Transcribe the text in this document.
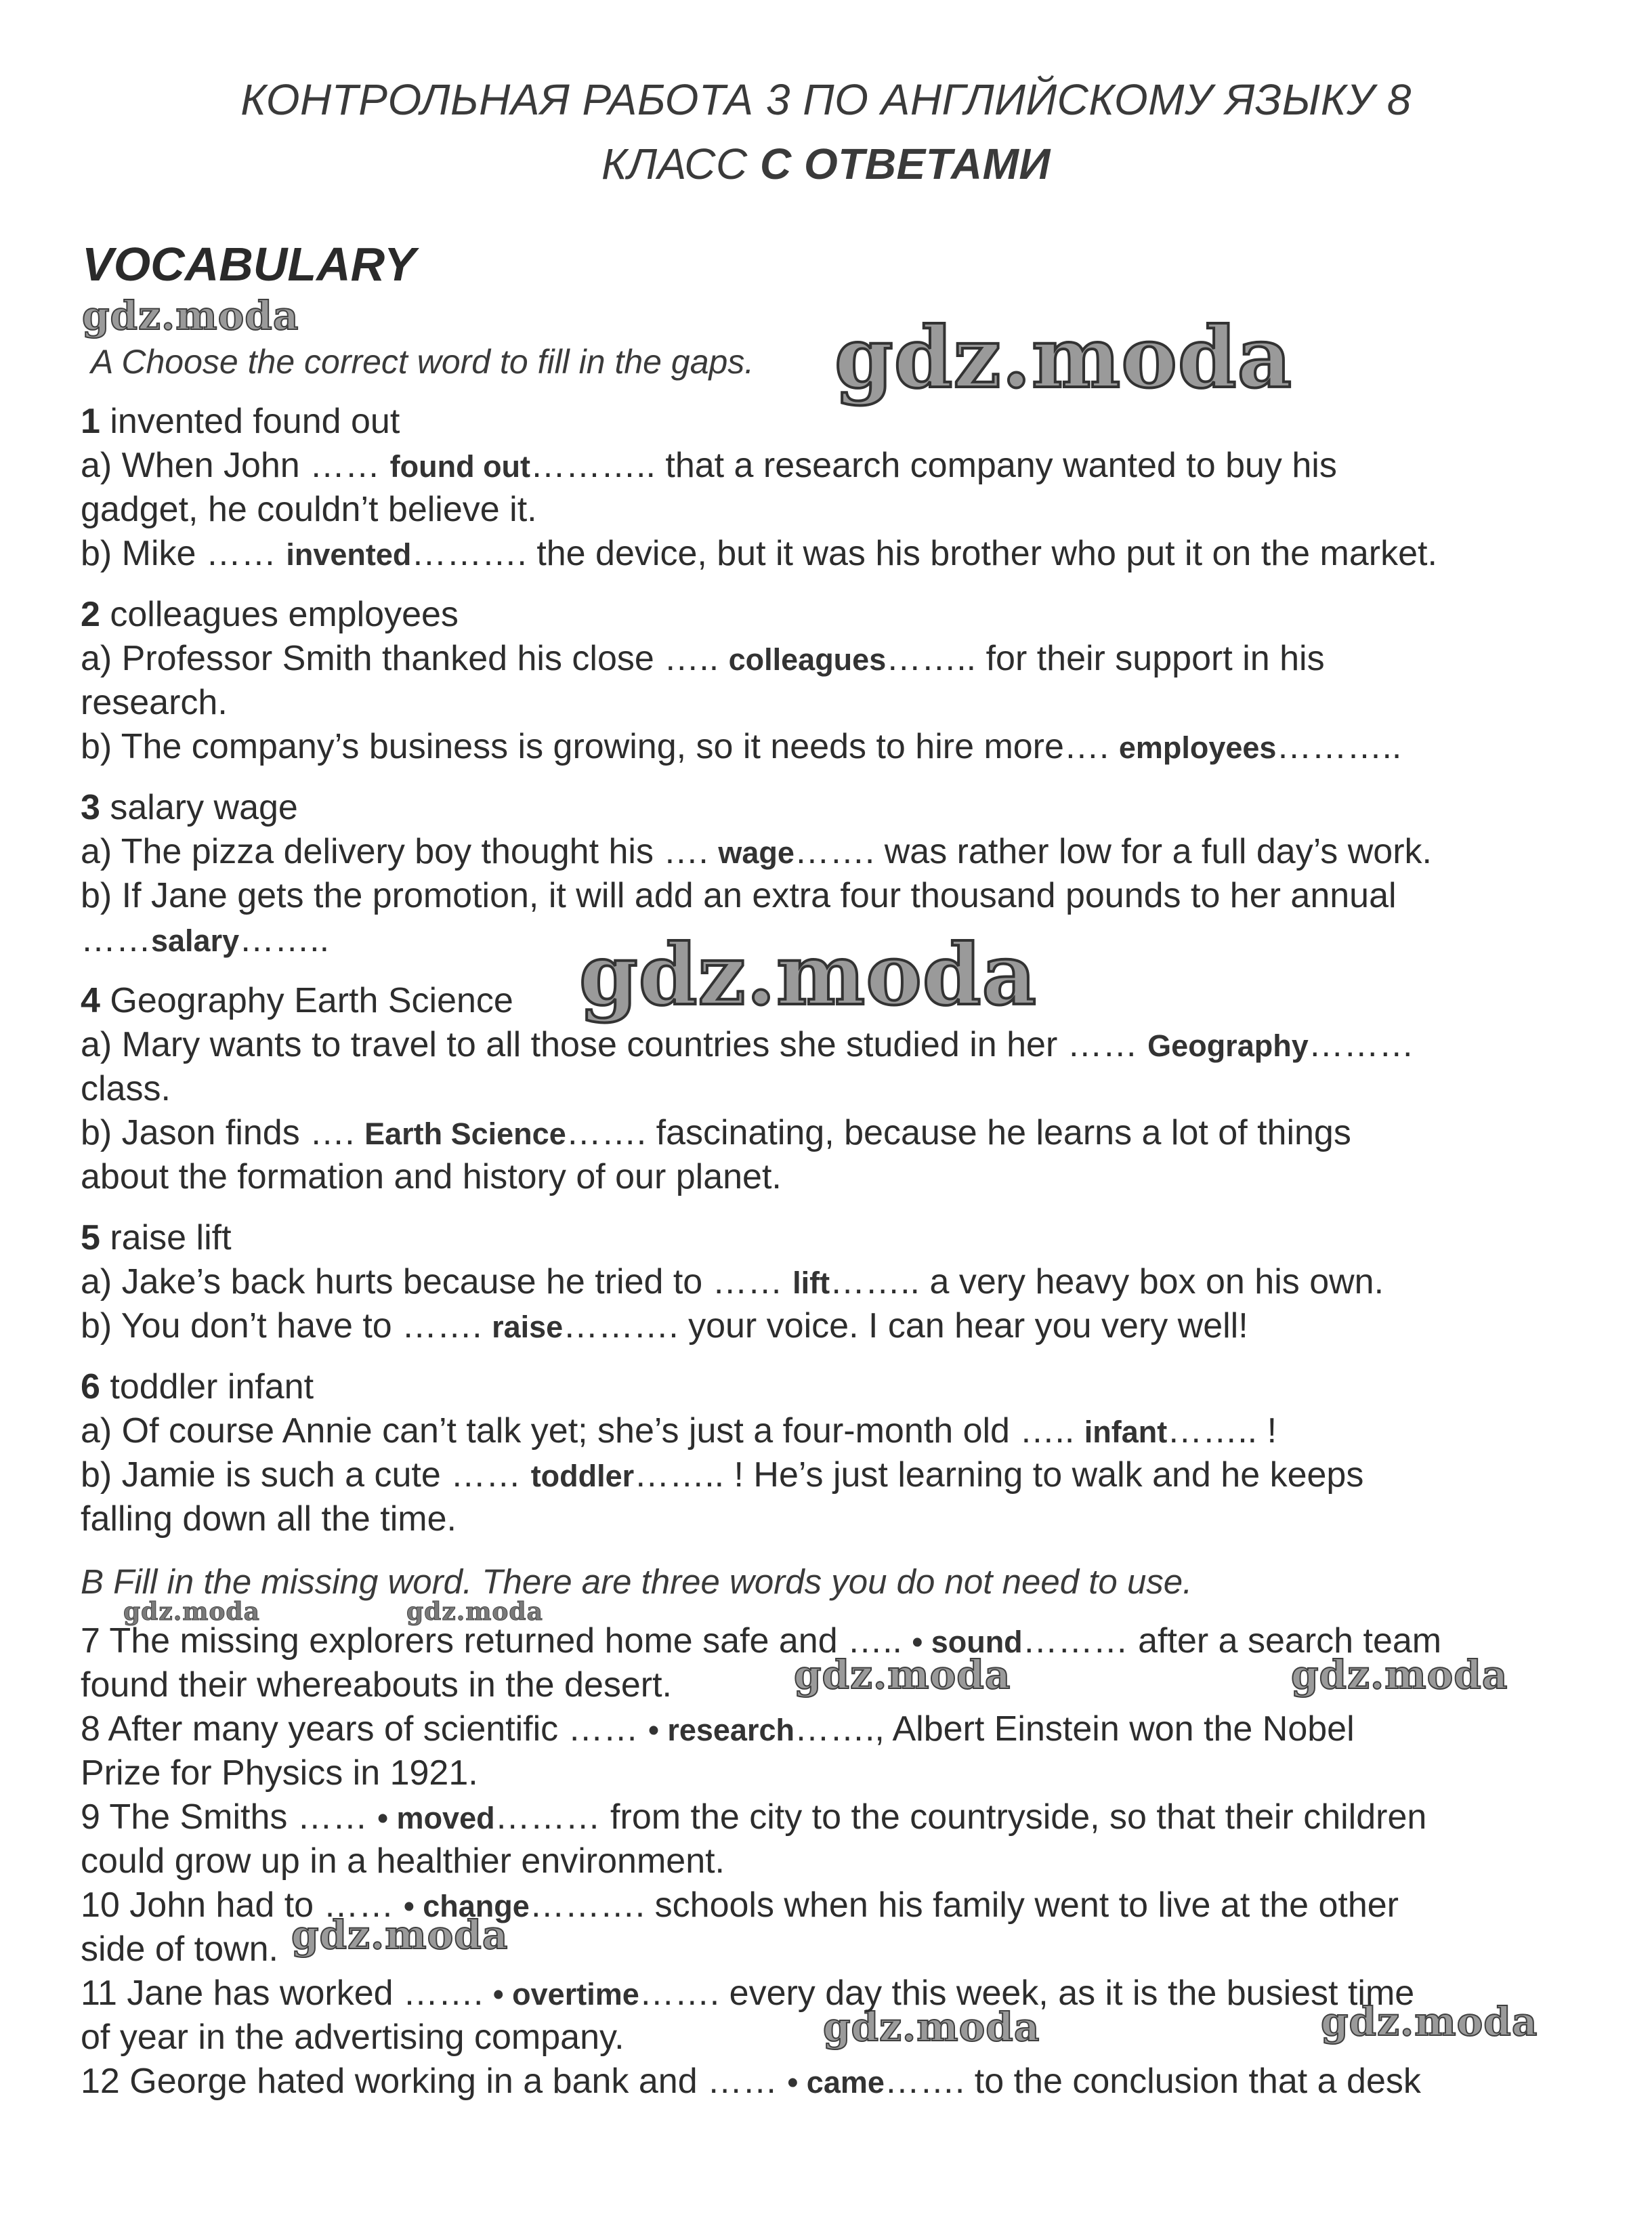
КОНТРОЛЬНАЯ РАБОТА 3 ПО АНГЛИЙСКОМУ ЯЗЫКУ 8
КЛАСС С ОТВЕТАМИ
VOCABULARY
gdz.moda	gdz.moda
gdz.moda
gdz.moda	gdz.moda
gdz.moda	gdz.moda
gdz.moda
gdz.moda	gdz.moda
A Choose the correct word to fill in the gaps.
1 invented found out
a) When John …… found out……….. that a research company wanted to buy his
gadget, he couldn’t believe it.
b) Mike …… invented………. the device, but it was his brother who put it on the market.
2 colleagues employees
a) Professor Smith thanked his close ….. colleagues…….. for their support in his
research.
b) The company’s business is growing, so it needs to hire more…. employees………..
3 salary wage
a) The pizza delivery boy thought his …. wage……. was rather low for a full day’s work.
b) If Jane gets the promotion, it will add an extra four thousand pounds to her annual
……salary……..
4 Geography Earth Science
a) Mary wants to travel to all those countries she studied in her …… Geography………
class.
b) Jason finds …. Earth Science……. fascinating, because he learns a lot of things
about the formation and history of our planet.
5 raise lift
a) Jake’s back hurts because he tried to …… lift…….. a very heavy box on his own.
b) You don’t have to ……. raise………. your voice. I can hear you very well!
6 toddler infant
a) Of course Annie can’t talk yet; she’s just a four-month old ….. infant…….. !
b) Jamie is such a cute …… toddler…….. ! He’s just learning to walk and he keeps
falling down all the time.
B Fill in the missing word. There are three words you do not need to use.
7 The missing explorers returned home safe and ….. • sound……… after a search team
found their whereabouts in the desert.
8 After many years of scientific …… • research……., Albert Einstein won the Nobel
Prize for Physics in 1921.
9 The Smiths …… • moved……… from the city to the countryside, so that their children
could grow up in a healthier environment.
10 John had to …… • change………. schools when his family went to live at the other
side of town.
11 Jane has worked ……. • overtime……. every day this week, as it is the busiest time
of year in the advertising company.
12 George hated working in a bank and …… • came……. to the conclusion that a desk
